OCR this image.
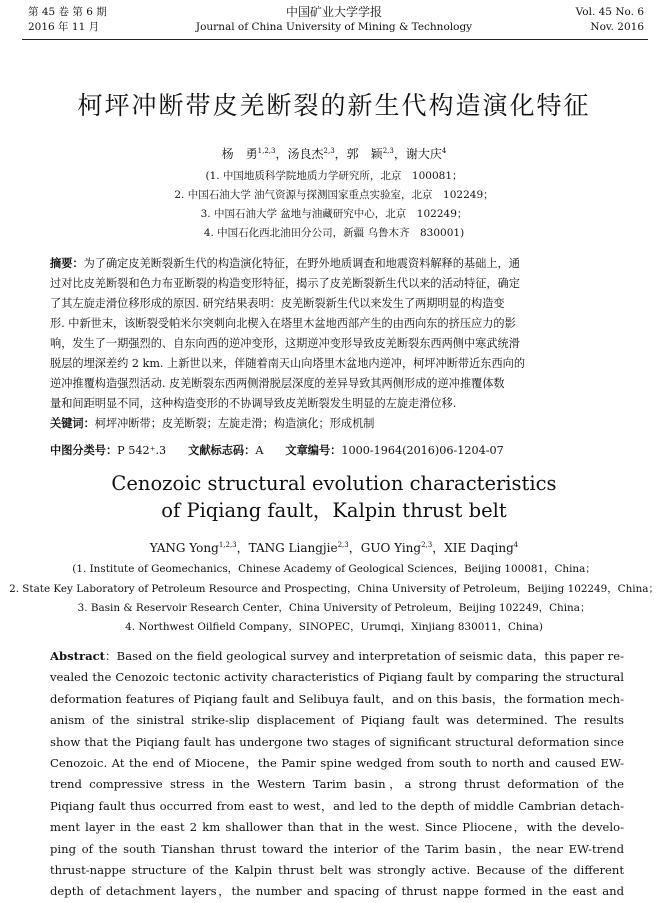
第 45 卷 第 6 期
2016 年 11 月
中国矿业大学学报
Journal of China University of Mining & Technology
Vol. 45 No. 6
Nov. 2016
柯坪冲断带皮羌断裂的新生代构造演化特征
杨　勇$^{1,2,3}$，汤良杰$^{2,3}$，郭　颖$^{2,3}$，谢大庆$^4$
(1. 中国地质科学院地质力学研究所，北京　100081；
2. 中国石油大学 油气资源与探测国家重点实验室，北京　102249；
3. 中国石油大学 盆地与油藏研究中心，北京　102249；
4. 中国石化西北油田分公司，新疆 乌鲁木齐　830001)
摘要：为了确定皮羌断裂新生代的构造演化特征，在野外地质调查和地震资料解释的基础上，通
过对比皮羌断裂和色力布亚断裂的构造变形特征，揭示了皮羌断裂新生代以来的活动特征，确定
了其左旋走滑位移形成的原因. 研究结果表明：皮羌断裂新生代以来发生了两期明显的构造变
形. 中新世末，该断裂受帕米尔突刺向北楔入在塔里木盆地西部产生的由西向东的挤压应力的影
响，发生了一期强烈的、自东向西的逆冲变形，这期逆冲变形导致皮羌断裂东西两侧中寒武统滑
脱层的埋深差约 2 km. 上新世以来，伴随着南天山向塔里木盆地内逆冲，柯坪冲断带近东西向的
逆冲推覆构造强烈活动. 皮羌断裂东西两侧滑脱层深度的差异导致其两侧形成的逆冲推覆体数
量和间距明显不同，这种构造变形的不协调导致皮羌断裂发生明显的左旋走滑位移.
关键词：柯坪冲断带；皮羌断裂；左旋走滑；构造演化；形成机制
中图分类号：P 542⁺.3 文献标志码：A 文章编号：1000-1964(2016)06-1204-07
Cenozoic structural evolution characteristics
of Piqiang fault，Kalpin thrust belt
YANG Yong$^{1,2,3}$，TANG Liangjie$^{2,3}$，GUO Ying$^{2,3}$，XIE Daqing$^4$
(1. Institute of Geomechanics，Chinese Academy of Geological Sciences，Beijing 100081，China；
2. State Key Laboratory of Petroleum Resource and Prospecting，China University of Petroleum，Beijing 102249，China；
3. Basin & Reservoir Research Center，China University of Petroleum，Beijing 102249，China；
4. Northwest Oilfield Company，SINOPEC，Urumqi，Xinjiang 830011，China)
Abstract：Based on the field geological survey and interpretation of seismic data，this paper re-
vealed the Cenozoic tectonic activity characteristics of Piqiang fault by comparing the structural
deformation features of Piqiang fault and Selibuya fault，and on this basis，the formation mech-
anism of the sinistral strike-slip displacement of Piqiang fault was determined. The results
show that the Piqiang fault has undergone two stages of significant structural deformation since
Cenozoic. At the end of Miocene，the Pamir spine wedged from south to north and caused EW-
trend compressive stress in the Western Tarim basin，a strong thrust deformation of the
Piqiang fault thus occurred from east to west，and led to the depth of middle Cambrian detach-
ment layer in the east 2 km shallower than that in the west. Since Pliocene，with the develo-
ping of the south Tianshan thrust toward the interior of the Tarim basin，the near EW-trend
thrust-nappe structure of the Kalpin thrust belt was strongly active. Because of the different
depth of detachment layers，the number and spacing of thrust nappe formed in the east and
